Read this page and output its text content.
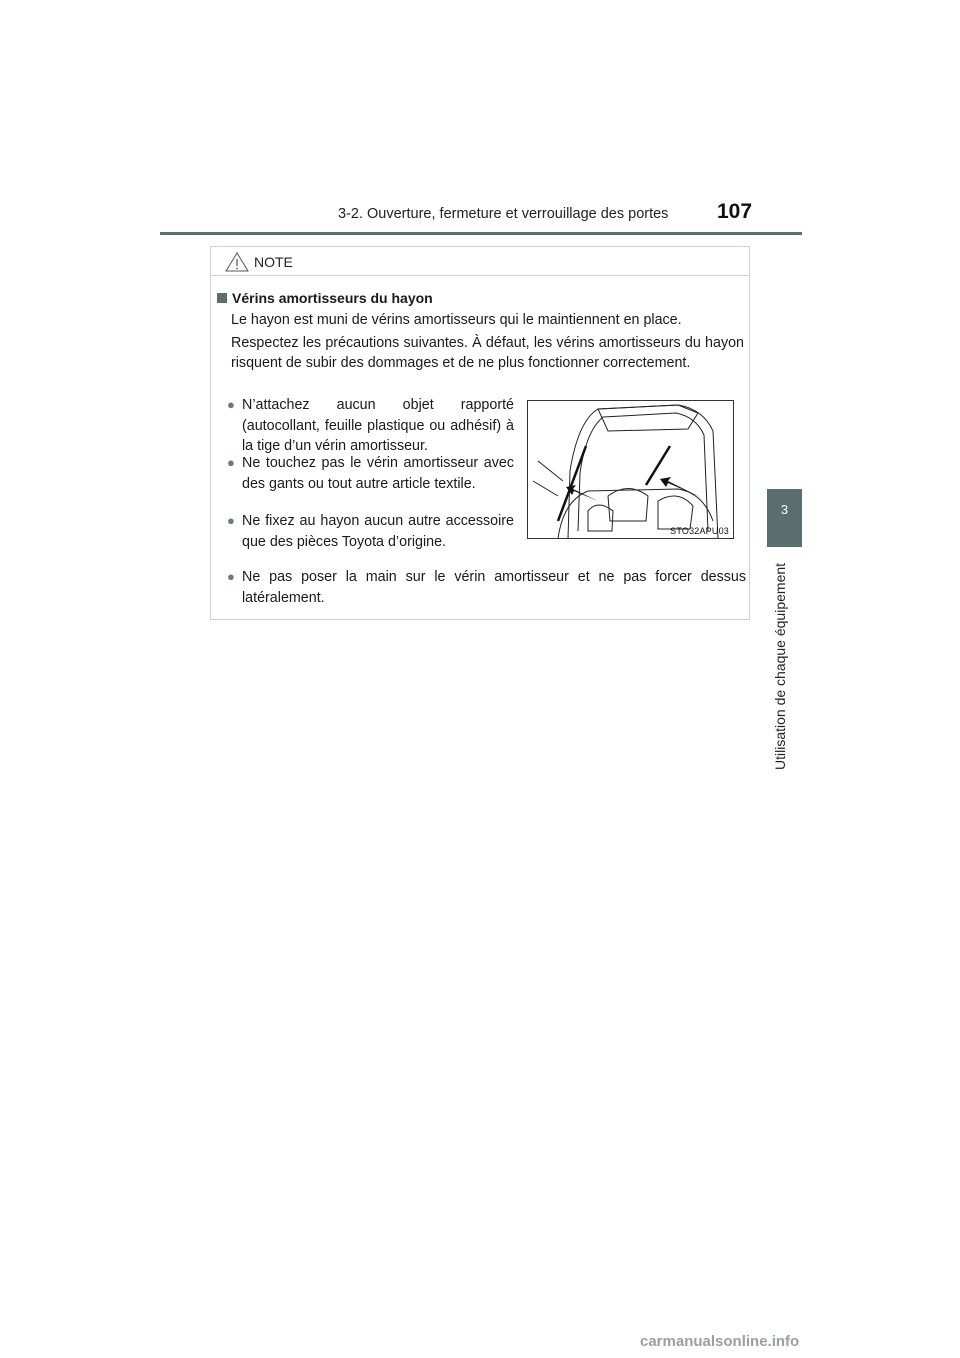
3-2. Ouverture, fermeture et verrouillage des portes 107
3
Utilisation de chaque équipement
NOTE
Vérins amortisseurs du hayon
Le hayon est muni de vérins amortisseurs qui le maintiennent en place.
Respectez les précautions suivantes. À défaut, les vérins amortisseurs du hayon risquent de subir des dommages et de ne plus fonctionner correctement.
● N’attachez aucun objet rapporté (autocollant, feuille plastique ou adhésif) à la tige d’un vérin amortisseur.
● Ne touchez pas le vérin amortisseur avec des gants ou tout autre article textile.
● Ne fixez au hayon aucun autre accessoire que des pièces Toyota d’origine.
● Ne pas poser la main sur le vérin amortisseur et ne pas forcer dessus latéralement.
STO32APU03
carmanualsonline.info
